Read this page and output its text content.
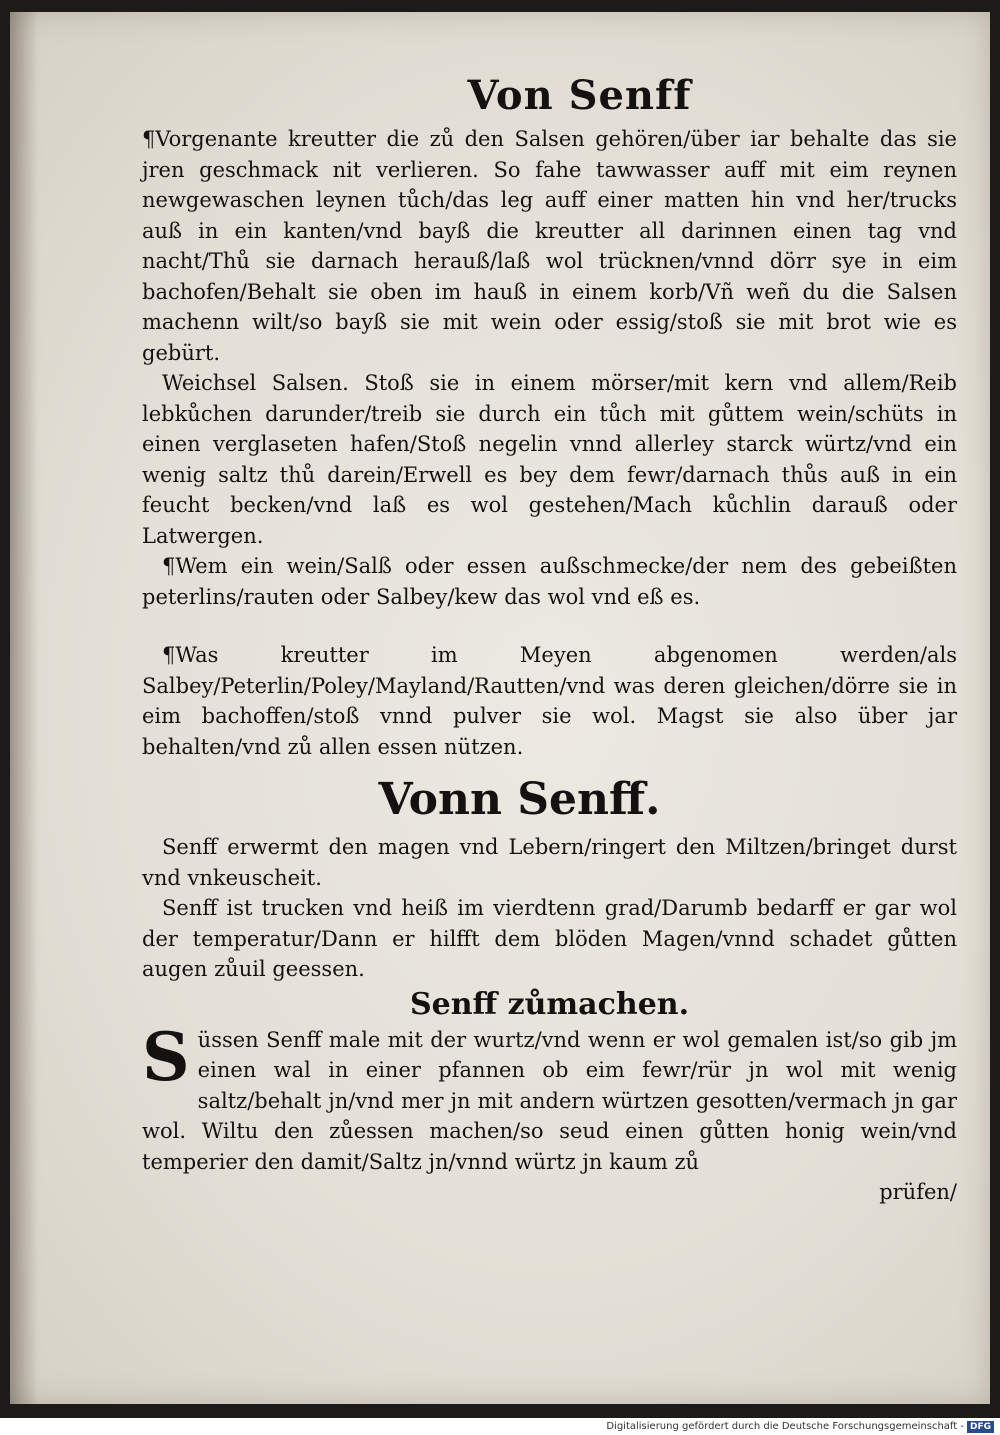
Von Senff

¶Vorgenante kreutter die zů den Salsen gehören/über iar behalte das sie jren geschmack nit verlieren. So fahe tawwasser auff mit eim reynen newgewaschen leynen tůch/das leg auff einer matten hin vnd her/trucks auß in ein kanten/vnd bayß die kreutter all darinnen einen tag vnd nacht/Thů sie darnach herauß/laß wol trücknen/vnnd dörr sye in eim bachofen/Behalt sie oben im hauß in einem korb/Vñ weñ du die Salsen machenn wilt/so bayß sie mit wein oder essig/stoß sie mit brot wie es gebürt.

Weichsel Salsen. Stoß sie in einem mörser/mit kern vnd allem/Reib lebkůchen darunder/treib sie durch ein tůch mit gůttem wein/schüts in einen verglaseten hafen/Stoß negelin vnnd allerley starck würtz/vnd ein wenig saltz thů darein/Erwell es bey dem fewr/darnach thůs auß in ein feucht becken/vnd laß es wol gestehen/Mach kůchlin darauß oder Latwergen.

¶Wem ein wein/Salß oder essen außschmecke/der nem des gebeißten peterlins/rauten oder Salbey/kew das wol vnd eß es.

¶Was kreutter im Meyen abgenomen werden/als Salbey/Peterlin/Poley/Mayland/Rautten/vnd was deren gleichen/dörre sie in eim bachoffen/stoß vnnd pulver sie wol. Magst sie also über jar behalten/vnd zů allen essen nützen.

Vonn Senff.

Senff erwermt den magen vnd Lebern/ringert den Miltzen/bringet durst vnd vnkeuscheit.

Senff ist trucken vnd heiß im vierdtenn grad/Darumb bedarff er gar wol der temperatur/Dann er hilfft dem blöden Magen/vnnd schadet gůtten augen zůuil geessen.

Senff zůmachen.

Süssen Senff male mit der wurtz/vnd wenn er wol gemalen ist/so gib jm einen wal in einer pfannen ob eim fewr/rür jn wol mit wenig saltz/behalt jn/vnd mer jn mit andern würtzen gesotten/vermach jn gar wol. Wiltu den zůessen machen/so seud einen gůtten honig wein/vnd temperier den damit/Saltz jn/vnnd würtz jn kaum zů

prüfen/

Digitalisierung gefördert durch die Deutsche Forschungsgemeinschaft - DFG
